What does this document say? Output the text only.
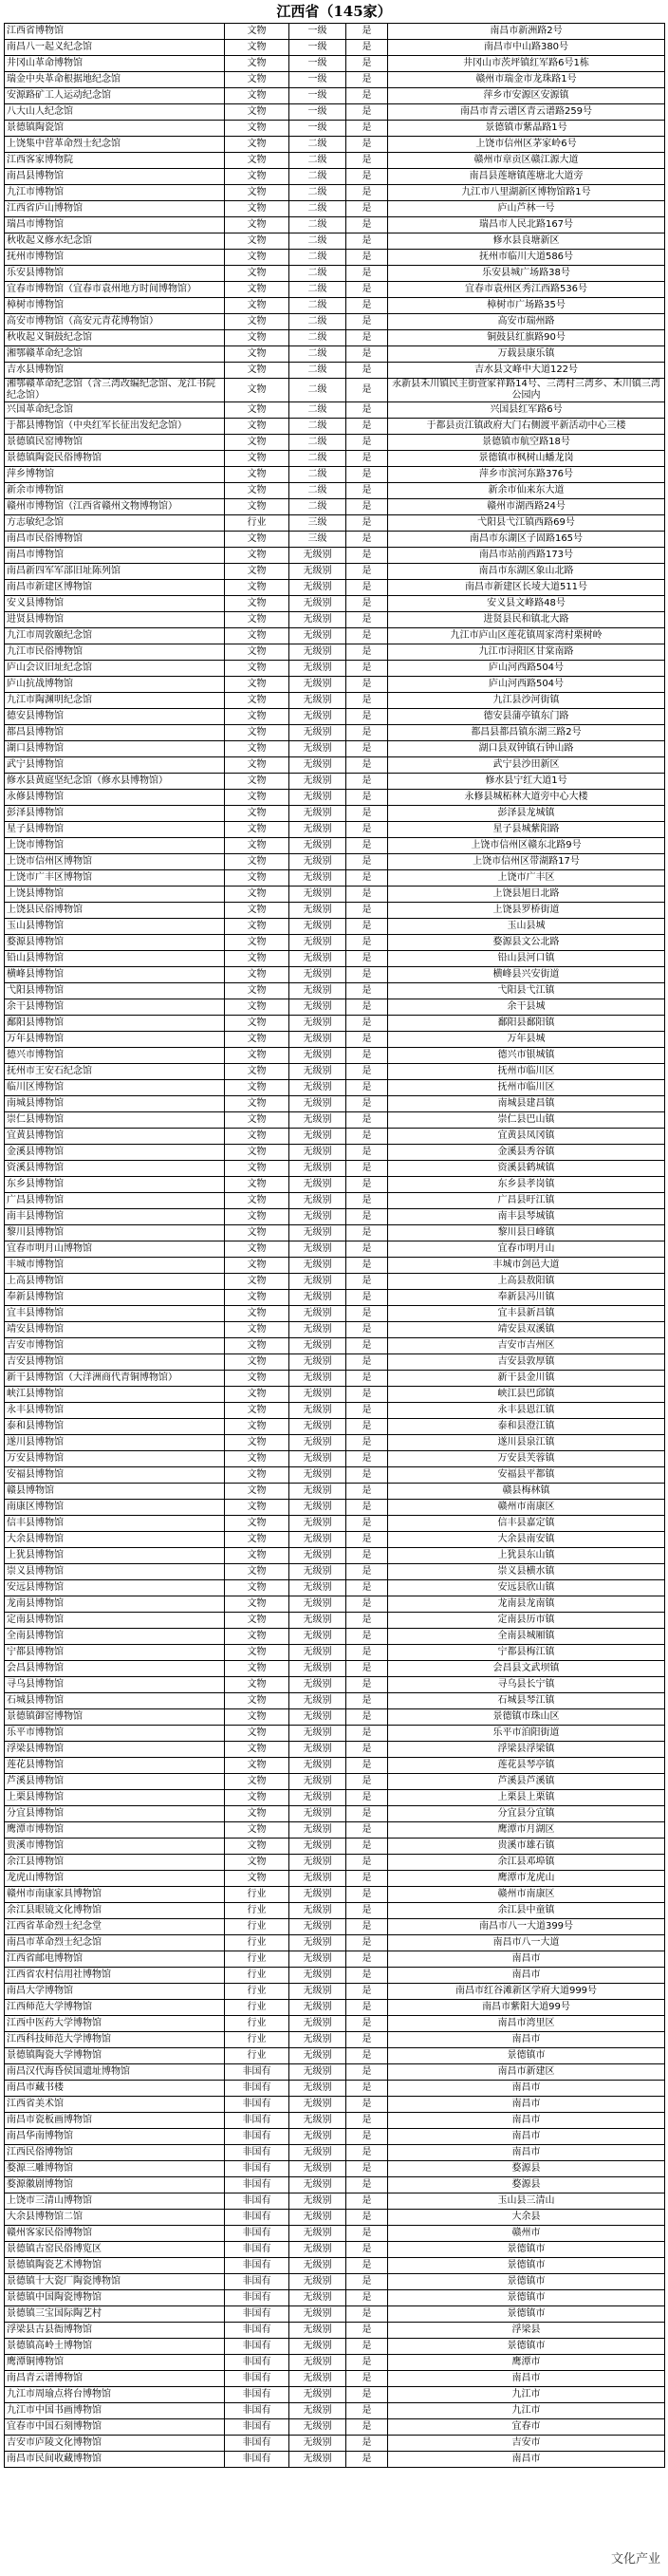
江西省（145家）
江西省博物馆	文物	一级	是	南昌市新洲路2号
南昌八一起义纪念馆	文物	一级	是	南昌市中山路380号
井冈山革命博物馆	文物	一级	是	井冈山市茨坪镇红军路6号1栋
瑞金中央革命根据地纪念馆	文物	一级	是	赣州市瑞金市龙珠路1号
安源路矿工人运动纪念馆	文物	一级	是	萍乡市安源区安源镇
八大山人纪念馆	文物	一级	是	南昌市青云谱区青云谱路259号
景德镇陶瓷馆	文物	一级	是	景德镇市紫晶路1号
上饶集中营革命烈士纪念馆	文物	二级	是	上饶市信州区茅家岭6号
江西客家博物院	文物	二级	是	赣州市章贡区赣江源大道
南昌县博物馆	文物	二级	是	南昌县莲塘镇莲塘北大道旁
九江市博物馆	文物	二级	是	九江市八里湖新区博物馆路1号
江西省庐山博物馆	文物	二级	是	庐山芦林一号
瑞昌市博物馆	文物	二级	是	瑞昌市人民北路167号
秋收起义修水纪念馆	文物	二级	是	修水县良塘新区
抚州市博物馆	文物	二级	是	抚州市临川大道586号
乐安县博物馆	文物	二级	是	乐安县城广场路38号
宜春市博物馆（宜春市袁州地方时间博物馆）	文物	二级	是	宜春市袁州区秀江西路536号
樟树市博物馆	文物	二级	是	樟树市广场路35号
高安市博物馆（高安元青花博物馆）	文物	二级	是	高安市瑞州路
秋收起义铜鼓纪念馆	文物	二级	是	铜鼓县红旗路90号
湘鄂赣革命纪念馆	文物	二级	是	万载县康乐镇
吉水县博物馆	文物	二级	是	吉水县文峰中大道122号
湘鄂赣革命纪念馆（含三湾改编纪念馆、龙江书院纪念馆）	文物	二级	是	永新县禾川镇民主街萱家祥路14号、三湾村三湾乡、禾川镇三湾公园内
兴国革命纪念馆	文物	二级	是	兴国县红军路6号
于都县博物馆（中央红军长征出发纪念馆）	文物	二级	是	于都县贡江镇政府大门右侧渡平新活动中心三楼
景德镇民窑博物馆	文物	二级	是	景德镇市航空路18号
景德镇陶瓷民俗博物馆	文物	二级	是	景德镇市枫树山蟠龙岗
萍乡博物馆	文物	二级	是	萍乡市滨河东路376号
新余市博物馆	文物	二级	是	新余市仙来东大道
赣州市博物馆（江西省赣州文物博物馆）	文物	二级	是	赣州市湖西路24号
方志敏纪念馆	行业	三级	是	弋阳县弋江镇西路69号
南昌市民俗博物馆	文物	三级	是	南昌市东湖区子固路165号
南昌市博物馆	文物	无级别	是	南昌市站前西路173号
南昌新四军军部旧址陈列馆	文物	无级别	是	南昌市东湖区象山北路
南昌市新建区博物馆	文物	无级别	是	南昌市新建区长堎大道511号
安义县博物馆	文物	无级别	是	安义县文峰路48号
进贤县博物馆	文物	无级别	是	进贤县民和镇北大路
九江市周敦颐纪念馆	文物	无级别	是	九江市庐山区莲花镇周家湾村栗树岭
九江市民俗博物馆	文物	无级别	是	九江市浔阳区甘棠南路
庐山会议旧址纪念馆	文物	无级别	是	庐山河西路504号
庐山抗战博物馆	文物	无级别	是	庐山河西路504号
九江市陶渊明纪念馆	文物	无级别	是	九江县沙河街镇
德安县博物馆	文物	无级别	是	德安县蒲亭镇东门路
都昌县博物馆	文物	无级别	是	都昌县都昌镇东湖三路2号
湖口县博物馆	文物	无级别	是	湖口县双钟镇石钟山路
武宁县博物馆	文物	无级别	是	武宁县沙田新区
修水县黄庭坚纪念馆（修水县博物馆）	文物	无级别	是	修水县宁红大道1号
永修县博物馆	文物	无级别	是	永修县城柘林大道旁中心大楼
彭泽县博物馆	文物	无级别	是	彭泽县龙城镇
星子县博物馆	文物	无级别	是	星子县城紫阳路
上饶市博物馆	文物	无级别	是	上饶市信州区赣东北路9号
上饶市信州区博物馆	文物	无级别	是	上饶市信州区带湖路17号
上饶市广丰区博物馆	文物	无级别	是	上饶市广丰区
上饶县博物馆	文物	无级别	是	上饶县旭日北路
上饶县民俗博物馆	文物	无级别	是	上饶县罗桥街道
玉山县博物馆	文物	无级别	是	玉山县城
婺源县博物馆	文物	无级别	是	婺源县文公北路
铅山县博物馆	文物	无级别	是	铅山县河口镇
横峰县博物馆	文物	无级别	是	横峰县兴安街道
弋阳县博物馆	文物	无级别	是	弋阳县弋江镇
余干县博物馆	文物	无级别	是	余干县城
鄱阳县博物馆	文物	无级别	是	鄱阳县鄱阳镇
万年县博物馆	文物	无级别	是	万年县城
德兴市博物馆	文物	无级别	是	德兴市银城镇
抚州市王安石纪念馆	文物	无级别	是	抚州市临川区
临川区博物馆	文物	无级别	是	抚州市临川区
南城县博物馆	文物	无级别	是	南城县建昌镇
崇仁县博物馆	文物	无级别	是	崇仁县巴山镇
宜黄县博物馆	文物	无级别	是	宜黄县凤冈镇
金溪县博物馆	文物	无级别	是	金溪县秀谷镇
资溪县博物馆	文物	无级别	是	资溪县鹤城镇
东乡县博物馆	文物	无级别	是	东乡县孝岗镇
广昌县博物馆	文物	无级别	是	广昌县旴江镇
南丰县博物馆	文物	无级别	是	南丰县琴城镇
黎川县博物馆	文物	无级别	是	黎川县日峰镇
宜春市明月山博物馆	文物	无级别	是	宜春市明月山
丰城市博物馆	文物	无级别	是	丰城市剑邑大道
上高县博物馆	文物	无级别	是	上高县敖阳镇
奉新县博物馆	文物	无级别	是	奉新县冯川镇
宜丰县博物馆	文物	无级别	是	宜丰县新昌镇
靖安县博物馆	文物	无级别	是	靖安县双溪镇
吉安市博物馆	文物	无级别	是	吉安市吉州区
吉安县博物馆	文物	无级别	是	吉安县敦厚镇
新干县博物馆（大洋洲商代青铜博物馆）	文物	无级别	是	新干县金川镇
峡江县博物馆	文物	无级别	是	峡江县巴邱镇
永丰县博物馆	文物	无级别	是	永丰县恩江镇
泰和县博物馆	文物	无级别	是	泰和县澄江镇
遂川县博物馆	文物	无级别	是	遂川县泉江镇
万安县博物馆	文物	无级别	是	万安县芙蓉镇
安福县博物馆	文物	无级别	是	安福县平都镇
赣县博物馆	文物	无级别	是	赣县梅林镇
南康区博物馆	文物	无级别	是	赣州市南康区
信丰县博物馆	文物	无级别	是	信丰县嘉定镇
大余县博物馆	文物	无级别	是	大余县南安镇
上犹县博物馆	文物	无级别	是	上犹县东山镇
崇义县博物馆	文物	无级别	是	崇义县横水镇
安远县博物馆	文物	无级别	是	安远县欣山镇
龙南县博物馆	文物	无级别	是	龙南县龙南镇
定南县博物馆	文物	无级别	是	定南县历市镇
全南县博物馆	文物	无级别	是	全南县城厢镇
宁都县博物馆	文物	无级别	是	宁都县梅江镇
会昌县博物馆	文物	无级别	是	会昌县文武坝镇
寻乌县博物馆	文物	无级别	是	寻乌县长宁镇
石城县博物馆	文物	无级别	是	石城县琴江镇
景德镇御窑博物馆	文物	无级别	是	景德镇市珠山区
乐平市博物馆	文物	无级别	是	乐平市洎阳街道
浮梁县博物馆	文物	无级别	是	浮梁县浮梁镇
莲花县博物馆	文物	无级别	是	莲花县琴亭镇
芦溪县博物馆	文物	无级别	是	芦溪县芦溪镇
上栗县博物馆	文物	无级别	是	上栗县上栗镇
分宜县博物馆	文物	无级别	是	分宜县分宜镇
鹰潭市博物馆	文物	无级别	是	鹰潭市月湖区
贵溪市博物馆	文物	无级别	是	贵溪市雄石镇
余江县博物馆	文物	无级别	是	余江县邓埠镇
龙虎山博物馆	文物	无级别	是	鹰潭市龙虎山
赣州市南康家具博物馆	行业	无级别	是	赣州市南康区
余江县眼镜文化博物馆	行业	无级别	是	余江县中童镇
江西省革命烈士纪念堂	行业	无级别	是	南昌市八一大道399号
南昌市革命烈士纪念馆	行业	无级别	是	南昌市八一大道
江西省邮电博物馆	行业	无级别	是	南昌市
江西省农村信用社博物馆	行业	无级别	是	南昌市
南昌大学博物馆	行业	无级别	是	南昌市红谷滩新区学府大道999号
江西师范大学博物馆	行业	无级别	是	南昌市紫阳大道99号
江西中医药大学博物馆	行业	无级别	是	南昌市湾里区
江西科技师范大学博物馆	行业	无级别	是	南昌市
景德镇陶瓷大学博物馆	行业	无级别	是	景德镇市
南昌汉代海昏侯国遗址博物馆	非国有	无级别	是	南昌市新建区
南昌市藏书楼	非国有	无级别	是	南昌市
江西省美术馆	非国有	无级别	是	南昌市
南昌市瓷板画博物馆	非国有	无级别	是	南昌市
南昌华南博物馆	非国有	无级别	是	南昌市
江西民俗博物馆	非国有	无级别	是	南昌市
婺源三雕博物馆	非国有	无级别	是	婺源县
婺源徽剧博物馆	非国有	无级别	是	婺源县
上饶市三清山博物馆	非国有	无级别	是	玉山县三清山
大余县博物馆二馆	非国有	无级别	是	大余县
赣州客家民俗博物馆	非国有	无级别	是	赣州市
景德镇古窑民俗博览区	非国有	无级别	是	景德镇市
景德镇陶瓷艺术博物馆	非国有	无级别	是	景德镇市
景德镇十大瓷厂陶瓷博物馆	非国有	无级别	是	景德镇市
景德镇中国陶瓷博物馆	非国有	无级别	是	景德镇市
景德镇三宝国际陶艺村	非国有	无级别	是	景德镇市
浮梁县古县衙博物馆	非国有	无级别	是	浮梁县
景德镇高岭土博物馆	非国有	无级别	是	景德镇市
鹰潭铜博物馆	非国有	无级别	是	鹰潭市
南昌青云谱博物馆	非国有	无级别	是	南昌市
九江市周瑜点将台博物馆	非国有	无级别	是	九江市
九江市中国书画博物馆	非国有	无级别	是	九江市
宜春市中国石刻博物馆	非国有	无级别	是	宜春市
吉安市庐陵文化博物馆	非国有	无级别	是	吉安市
南昌市民间收藏博物馆	非国有	无级别	是	南昌市
文化产业
